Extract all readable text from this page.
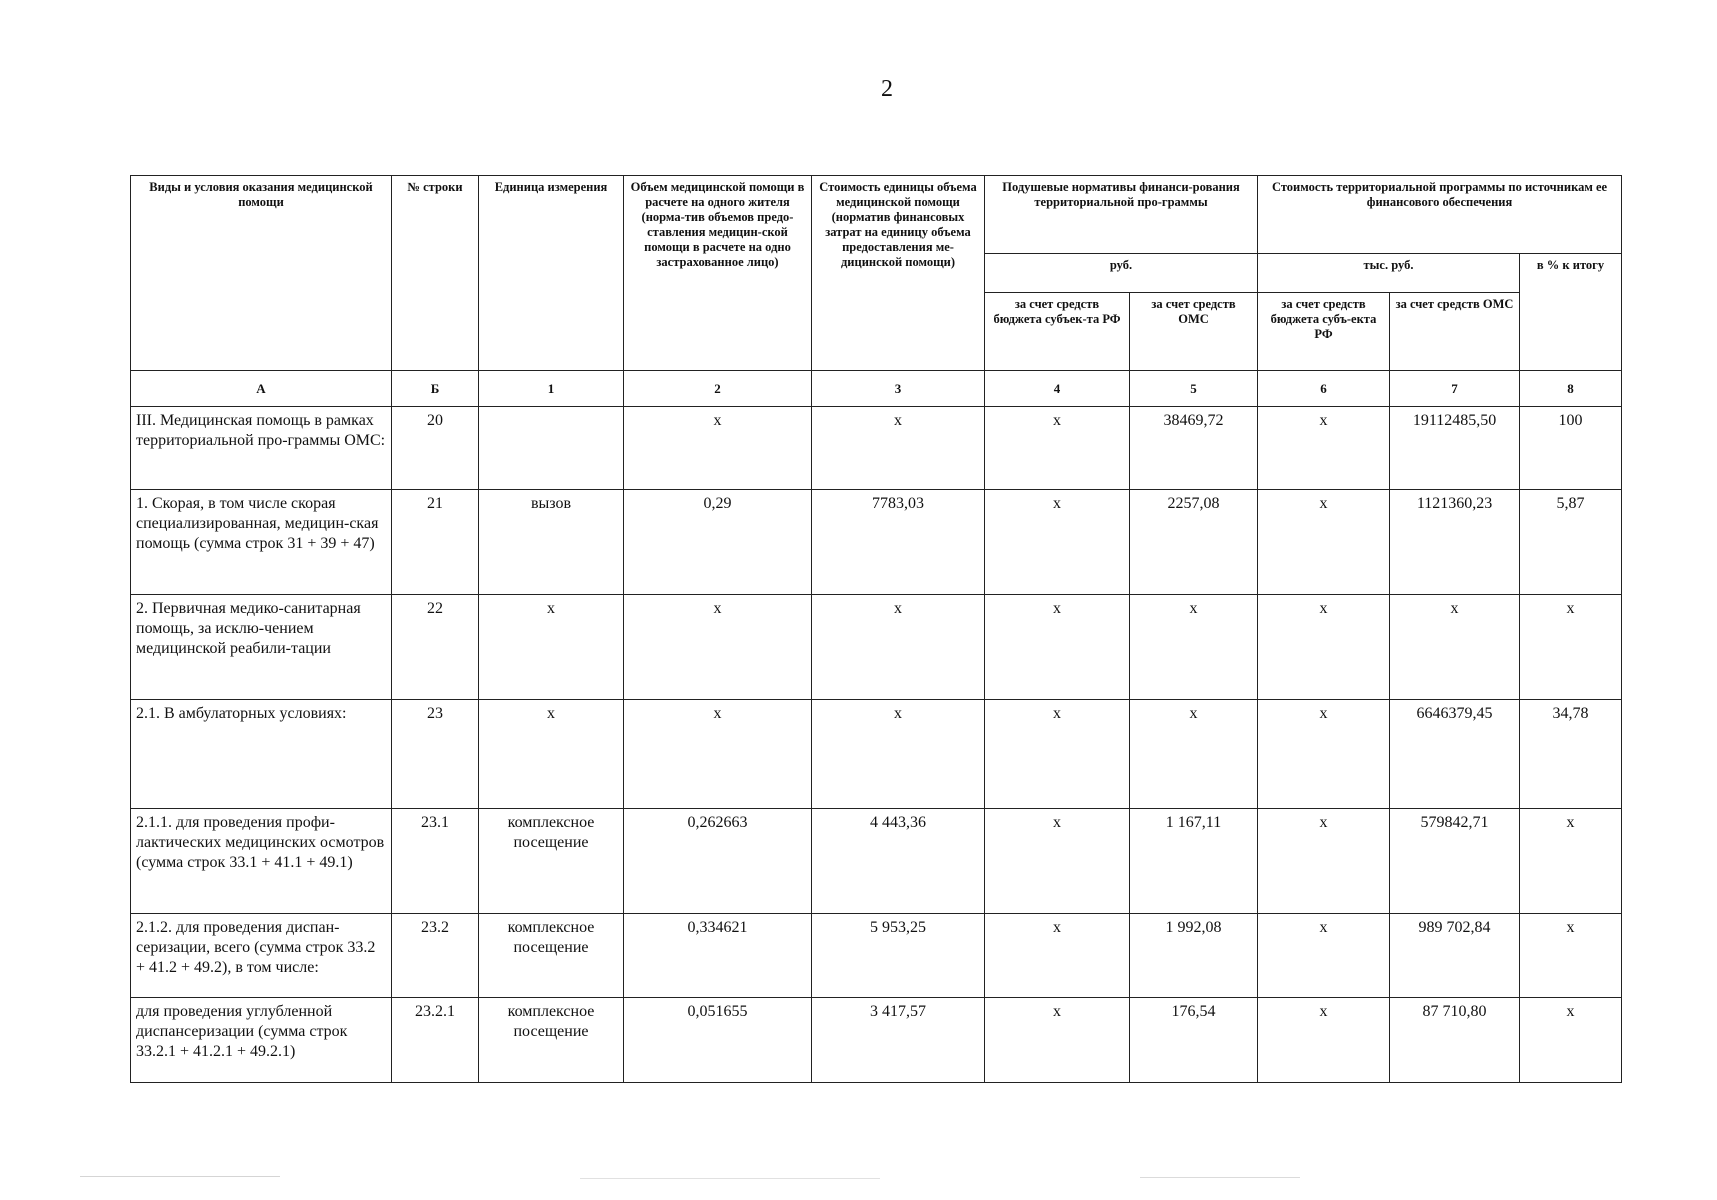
2
Виды и условия оказания медицинской помощи	№ строки	Единица измерения	Объем медицинской помощи в расчете на одного жителя (норма-тив объемов предо-ставления медицин-ской помощи в расчете на одно застрахованное лицо)	Стоимость единицы объема медицинской помощи (норматив финансовых затрат на единицу объема предоставления ме-дицинской помощи)	Подушевые нормативы финанси-рования территориальной про-граммы		Стоимость территориальной программы по источникам ее финансового обеспечения		
					руб.		тыс. руб.		в % к итогу
					за счет средств бюджета субъек-та РФ	за счет средств ОМС	за счет средств бюджета субъ-екта РФ	за счет средств ОМС	
А	Б	1	2	3	4	5	6	7	8
III. Медицинская помощь в рамках территориальной про-граммы ОМС:	20		х	х	х	38469,72	х	19112485,50	100
1. Скорая, в том числе скорая специализированная, медицин-ская помощь (сумма строк 31 + 39 + 47)	21	вызов	0,29	7783,03	х	2257,08	х	1121360,23	5,87
2. Первичная медико-санитарная помощь, за исклю-чением медицинской реабили-тации	22	х	х	х	х	х	х	х	х
2.1. В амбулаторных условиях:	23	х	х	х	х	х	х	6646379,45	34,78
2.1.1. для проведения профи-лактических медицинских осмотров (сумма строк 33.1 + 41.1 + 49.1)	23.1	комплексное посещение	0,262663	4 443,36	х	1 167,11	х	579842,71	х
2.1.2. для проведения диспан-серизации, всего (сумма строк 33.2 + 41.2 + 49.2), в том числе:	23.2	комплексное посещение	0,334621	5 953,25	х	1 992,08	х	989 702,84	х
для проведения углубленной диспансеризации (сумма строк 33.2.1 + 41.2.1 + 49.2.1)	23.2.1	комплексное посещение	0,051655	3 417,57	х	176,54	х	87 710,80	х
